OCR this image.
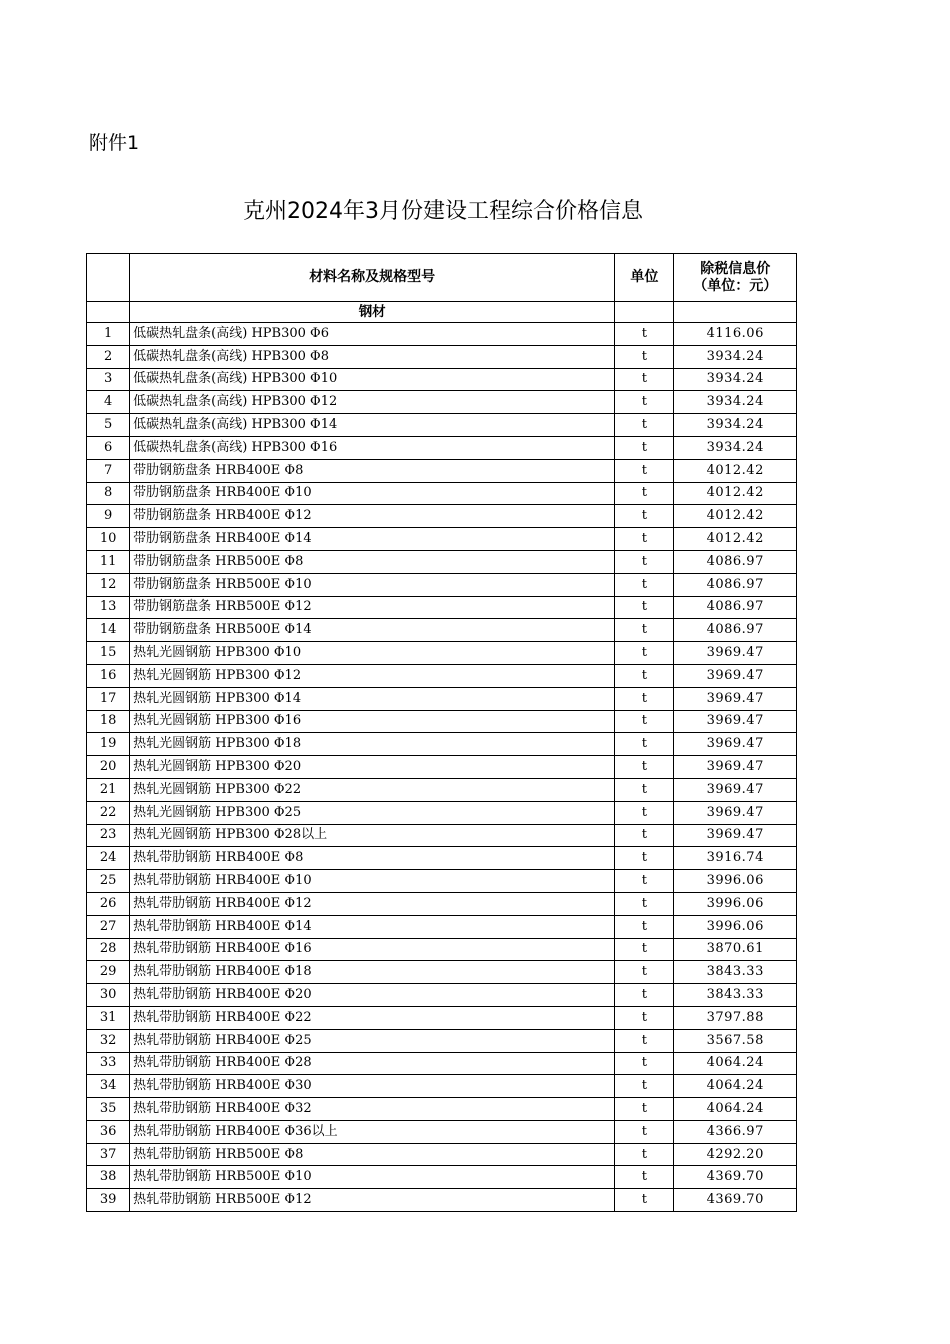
附件1
克州2024年3月份建设工程综合价格信息
	材料名称及规格型号	单位	除税信息价
（单位：元）

	钢材		
1	低碳热轧盘条(高线) HPB300 Φ6	t	4116.06
2	低碳热轧盘条(高线) HPB300 Φ8	t	3934.24
3	低碳热轧盘条(高线) HPB300 Φ10	t	3934.24
4	低碳热轧盘条(高线) HPB300 Φ12	t	3934.24
5	低碳热轧盘条(高线) HPB300 Φ14	t	3934.24
6	低碳热轧盘条(高线) HPB300 Φ16	t	3934.24
7	带肋钢筋盘条 HRB400E Φ8	t	4012.42
8	带肋钢筋盘条 HRB400E Φ10	t	4012.42
9	带肋钢筋盘条 HRB400E Φ12	t	4012.42
10	带肋钢筋盘条 HRB400E Φ14	t	4012.42
11	带肋钢筋盘条 HRB500E Φ8	t	4086.97
12	带肋钢筋盘条 HRB500E Φ10	t	4086.97
13	带肋钢筋盘条 HRB500E Φ12	t	4086.97
14	带肋钢筋盘条 HRB500E Φ14	t	4086.97
15	热轧光圆钢筋 HPB300 Φ10	t	3969.47
16	热轧光圆钢筋 HPB300 Φ12	t	3969.47
17	热轧光圆钢筋 HPB300 Φ14	t	3969.47
18	热轧光圆钢筋 HPB300 Φ16	t	3969.47
19	热轧光圆钢筋 HPB300 Φ18	t	3969.47
20	热轧光圆钢筋 HPB300 Φ20	t	3969.47
21	热轧光圆钢筋 HPB300 Φ22	t	3969.47
22	热轧光圆钢筋 HPB300 Φ25	t	3969.47
23	热轧光圆钢筋 HPB300 Φ28以上	t	3969.47
24	热轧带肋钢筋 HRB400E Φ8	t	3916.74
25	热轧带肋钢筋 HRB400E Φ10	t	3996.06
26	热轧带肋钢筋 HRB400E Φ12	t	3996.06
27	热轧带肋钢筋 HRB400E Φ14	t	3996.06
28	热轧带肋钢筋 HRB400E Φ16	t	3870.61
29	热轧带肋钢筋 HRB400E Φ18	t	3843.33
30	热轧带肋钢筋 HRB400E Φ20	t	3843.33
31	热轧带肋钢筋 HRB400E Φ22	t	3797.88
32	热轧带肋钢筋 HRB400E Φ25	t	3567.58
33	热轧带肋钢筋 HRB400E Φ28	t	4064.24
34	热轧带肋钢筋 HRB400E Φ30	t	4064.24
35	热轧带肋钢筋 HRB400E Φ32	t	4064.24
36	热轧带肋钢筋 HRB400E Φ36以上	t	4366.97
37	热轧带肋钢筋 HRB500E Φ8	t	4292.20
38	热轧带肋钢筋 HRB500E Φ10	t	4369.70
39	热轧带肋钢筋 HRB500E Φ12	t	4369.70
